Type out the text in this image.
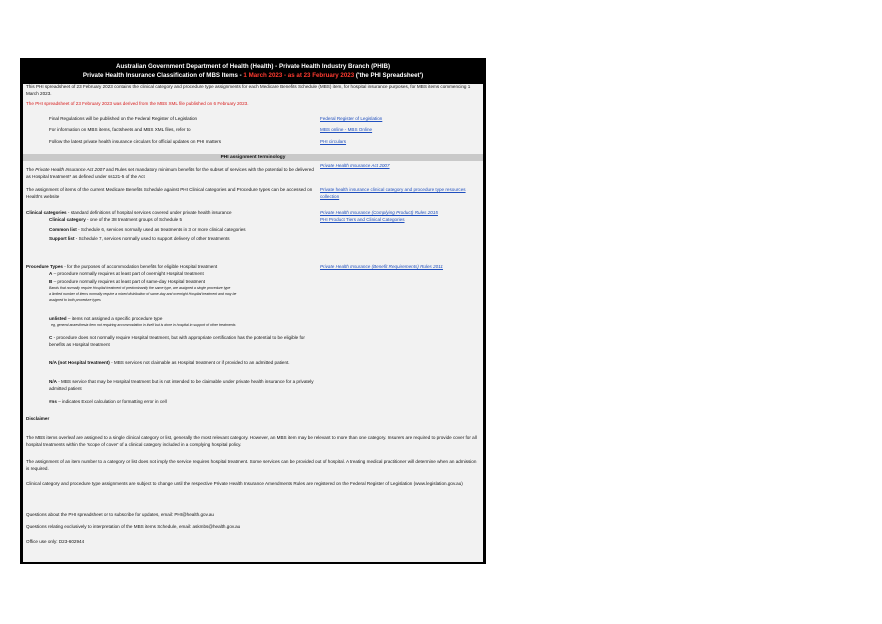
Australian Government Department of Health (Health) - Private Health Industry Branch (PHIB)
Private Health Insurance Classification of MBS Items - 1 March 2023 - as at 23 February 2023 ('the PHI Spreadsheet')
This PHI spreadsheet of 23 February 2023 contains the clinical category and procedure type assignments for each Medicare Benefits Schedule (MBS) item, for hospital insurance purposes, for MBS items commencing 1 March 2023.
The PHI spreadsheet of 23 February 2023 was derived from the MBS XML file published on 6 February 2023.
Final Regulations will be published on the Federal Register of Legislation	Federal Register of Legislation
For information on MBS items, factsheets and MBS XML files, refer to	MBS online - MBS Online
Follow the latest private health insurance circulars for official updates on PHI matters	PHI circulars
PHI assignment terminology
The Private Health Insurance Act 2007 and Rules set mandatory minimum benefits for the subset of services with the potential to be delivered as Hospital treatment* as defined under ss121-5 of the Act
Private Health Insurance Act 2007
The assignment of items of the current Medicare Benefits Schedule against PHI Clinical categories and Procedure types can be accessed on Health's website
Private health insurance clinical category and procedure type resources collection
Clinical categories - standard definitions of hospital services covered under private health insurance	Private Health Insurance (Complying Product) Rules 2015
PHI Product Tiers and Clinical Categories
Clinical category - one of the 38 treatment groups of Schedule 5
Common list - Schedule 6, services normally used as treatments in 3 or more clinical categories
Support list - Schedule 7, services normally used to support delivery of other treatments
Procedure Types - for the purposes of accommodation benefits for eligible Hospital treatment	Private Health Insurance (Benefit Requirements) Rules 2011
A – procedure normally requires at least part of overnight Hospital treatment
B – procedure normally requires at least part of same-day Hospital treatment
Bands that normally require Hospital treatment of predominantly the same type, are assigned a single procedure type
a limited number of items normally require a mixed distribution of same-day and overnight Hospital treatment and may be
assigned to both procedure types
unlisted – items not assigned a specific procedure type
eg, general anaesthesia item not requiring accommodation in itself but is done in hospital in support of other treatments
C - procedure does not normally require Hospital treatment, but with appropriate certification has the potential to be eligible for benefits as Hospital treatment
N/A (not Hospital treatment) - MBS services not claimable as Hospital treatment or if provided to an admitted patient.
N/A - MBS service that may be Hospital treatment but is not intended to be claimable under private health insurance for a privately admitted patient
#ns – indicates Excel calculation or formatting error in cell
Disclaimer
The MBS items overleaf are assigned to a single clinical category or list, generally the most relevant category. However, an MBS item may be relevant to more than one category. Insurers are required to provide cover for all hospital treatments within the 'scope of cover' of a clinical category included in a complying hospital policy.
The assignment of an item number to a category or list does not imply the service requires hospital treatment. Some services can be provided out of hospital. A treating medical practitioner will determine when an admission is required.
Clinical category and procedure type assignments are subject to change until the respective Private Health Insurance Amendments Rules are registered on the Federal Register of Legislation (www.legislation.gov.au)
Questions about the PHI spreadsheet or to subscribe for updates, email: PHI@health.gov.au
Questions relating exclusively to interpretation of the MBS items Schedule, email: askmbs@health.gov.au
Office use only: D23-602944
